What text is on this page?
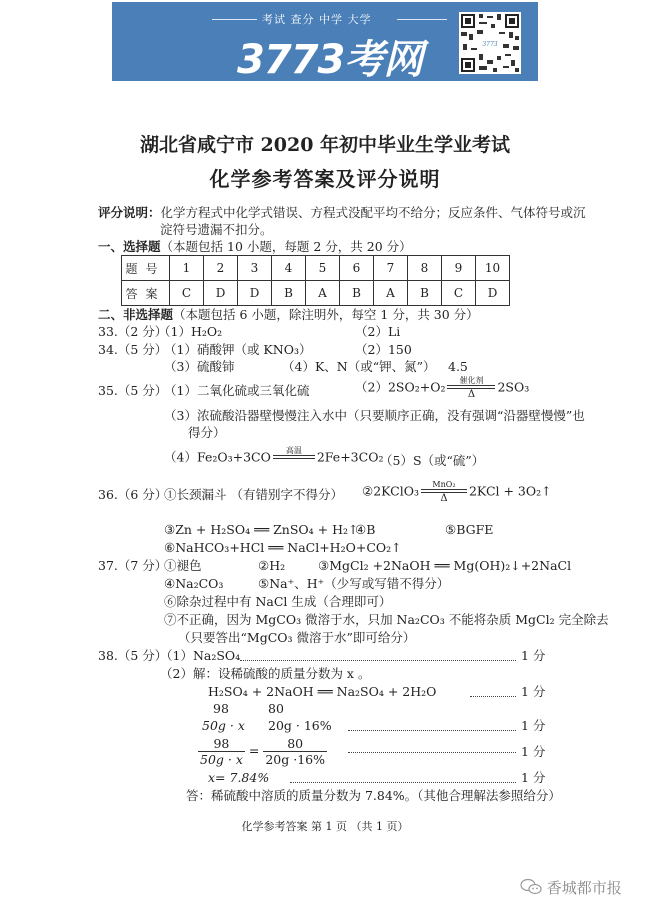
考试 查分 中学 大学
3773考网	3773
湖北省咸宁市 2020 年初中毕业生学业考试
化学参考答案及评分说明
评分说明：化学方程式中化学式错误、方程式没配平均不给分；反应条件、气体符号或沉
淀符号遗漏不扣分。
一、选择题（本题包括 10 小题，每题 2 分，共 20 分）
题号	1	2	3	4	5	6	7	8	9	10
答案	C	D	D	B	A	B	A	B	C	D
二、非选择题（本题包括 6 小题，除注明外，每空 1 分，共 30 分）
33.（2 分）
（1）H₂O₂	（2）Li
34.（5 分）
（1）硝酸钾（或 KNO₃）	（2）150
（3）硫酸铈	（4）K、N（或“钾、氮”） 4.5
35.（5 分）
（1）二氧化硫或三氧化硫	（2）2SO₂+O₂	催化剂
Δ	2SO₃
（3）浓硫酸沿器壁慢慢注入水中（只要顺序正确，没有强调“沿器壁慢慢”也
得分）
（4）Fe₂O₃+3CO	高温	2Fe+3CO₂
（5）S（或“硫”）
36.（6 分）
①长颈漏斗 （有错别字不得分） ②2KClO₃	MnO₂
Δ	2KCl + 3O₂↑
③Zn + H₂SO₄ ══ ZnSO₄ + H₂↑
④B	⑤BGFE
⑥NaHCO₃+HCl ══ NaCl+H₂O+CO₂↑
37.（7 分）
①褪色	②H₂	③MgCl₂ +2NaOH ══ Mg(OH)₂↓+2NaCl
④Na₂CO₃	⑤Na⁺、H⁺（少写或写错不得分）
⑥除杂过程中有 NaCl 生成（合理即可）
⑦不正确，因为 MgCO₃ 微溶于水，只加 Na₂CO₃ 不能将杂质 MgCl₂ 完全除去
（只要答出“MgCO₃ 微溶于水”即可给分）
38.（5 分）
（1）Na₂SO₄	1 分
（2）解：设稀硫酸的质量分数为 x 。
H₂SO₄ + 2NaOH ══ Na₂SO₄ + 2H₂O	1 分
98	80
50g · x 20g · 16%	1 分
$\frac{98}{50g \cdot x} = \frac{80}{20g \cdot 16\%}$	1 分
x= 7.84%	1 分
答：稀硫酸中溶质的质量分数为 7.84%。（其他合理解法参照给分）
化学参考答案 第 1 页 （共 1 页）
香城都市报
